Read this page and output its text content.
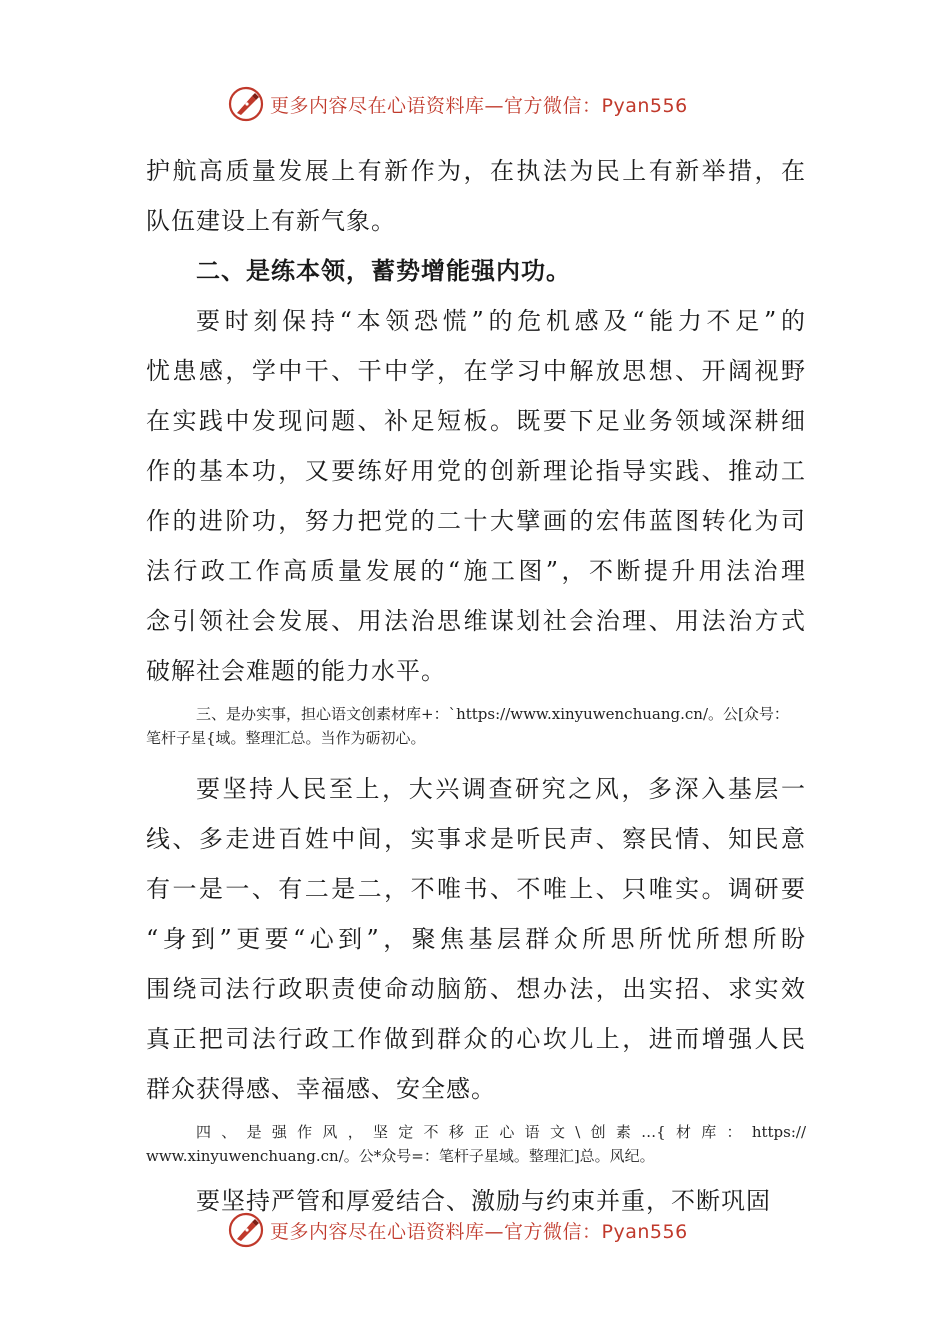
更多内容尽在心语资料库—官方微信：Pyan556

护航高质量发展上有新作为，在执法为民上有新举措，在

队伍建设上有新气象。

二、是练本领，蓄势增能强内功。

要时刻保持“本领恐慌”的危机感及“能力不足”的

忧患感，学中干、干中学，在学习中解放思想、开阔视野

在实践中发现问题、补足短板。既要下足业务领域深耕细

作的基本功，又要练好用党的创新理论指导实践、推动工

作的进阶功，努力把党的二十大擘画的宏伟蓝图转化为司

法行政工作高质量发展的“施工图”，不断提升用法治理

念引领社会发展、用法治思维谋划社会治理、用法治方式

破解社会难题的能力水平。

三、是办实事，担心语文创素材库+：`https://www.xinyuwenchuang.cn/。公[众号：

笔杆子星{域。整理汇总。当作为砺初心。

要坚持人民至上，大兴调查研究之风，多深入基层一

线、多走进百姓中间，实事求是听民声、察民情、知民意

有一是一、有二是二，不唯书、不唯上、只唯实。调研要

“身到”更要“心到”，聚焦基层群众所思所忧所想所盼

围绕司法行政职责使命动脑筋、想办法，出实招、求实效

真正把司法行政工作做到群众的心坎儿上，进而增强人民

群众获得感、幸福感、安全感。

四、是强作风，坚定不移正心语文\创素…{材库：https://

www.xinyuwenchuang.cn/。公*众号=：笔杆子星域。整理汇]总。风纪。

要坚持严管和厚爱结合、激励与约束并重，不断巩固

更多内容尽在心语资料库—官方微信：Pyan556
